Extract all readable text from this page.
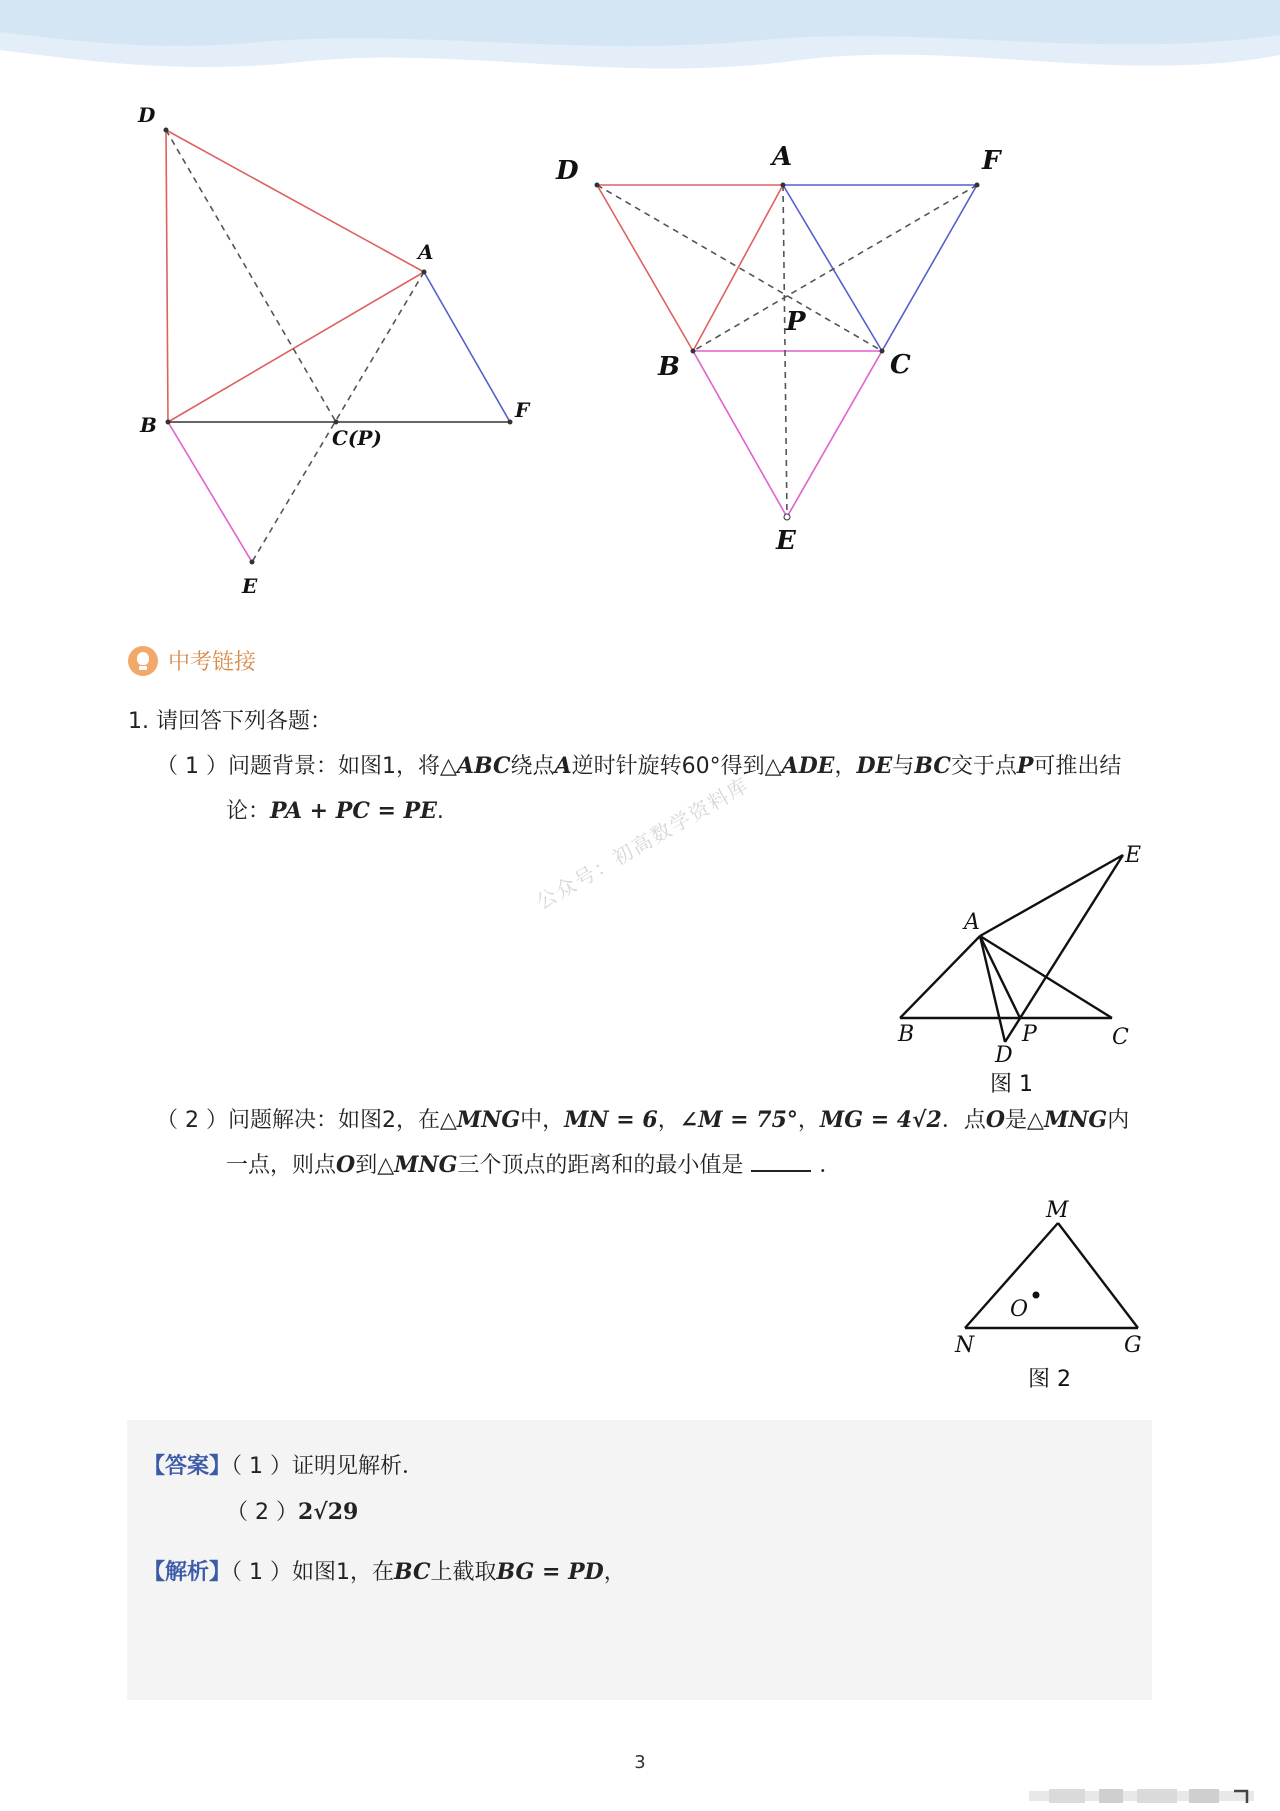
D
A
B
F
C(P)
E
D	A	F
P
B	C
E
中考链接
1. 请回答下列各题：
（ 1 ）问题背景：如图1，将△ABC绕点A逆时针旋转60°得到△ADE，DE与BC交于点P可推出结
论：PA + PC = PE.	公众号：初高数学资料库	E
A
B	P	C
D
图 1
（ 2 ）问题解决：如图2，在△MNG中，MN = 6，∠M = 75°，MG = 4√2．点O是△MNG内
一点，则点O到△MNG三个顶点的距离和的最小值是	．
M
O
N	G
图 2
【答案】（ 1 ）证明见解析．
（ 2 ）2√29
【解析】（ 1 ）如图1，在BC上截取BG = PD，
3
